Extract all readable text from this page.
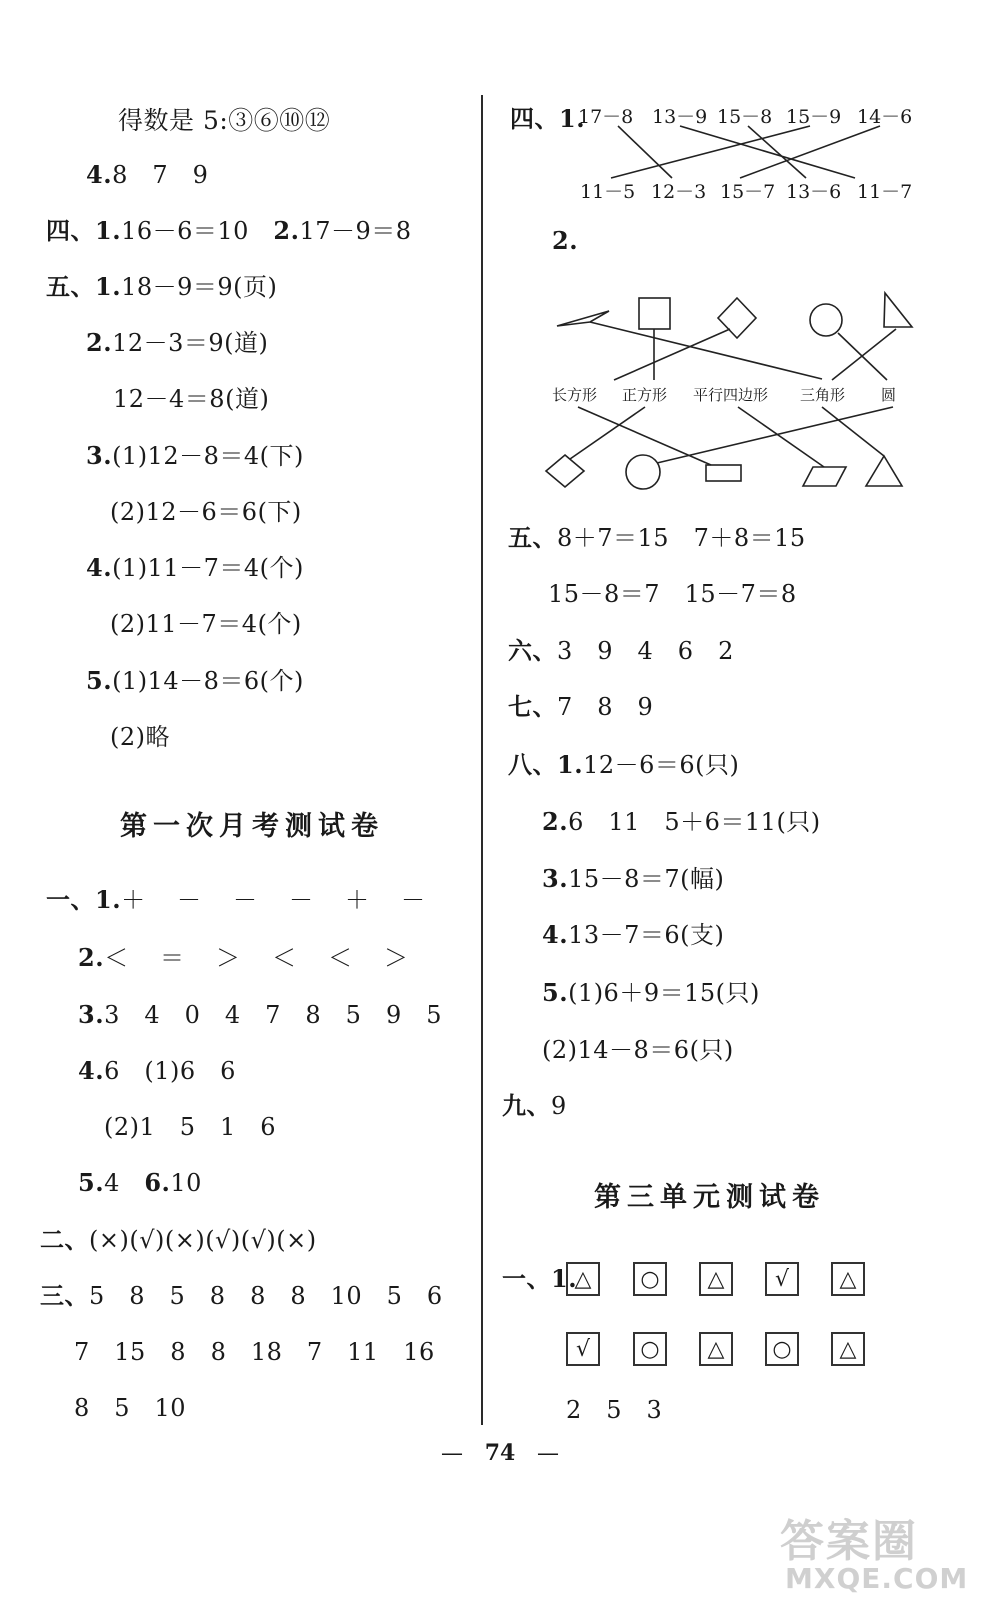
得数是 5:③⑥⑩⑫
4.8　7　9
四、1.16－6＝10　2.17－9＝8
五、1.18－9＝9(页)
2.12－3＝9(道)
12－4＝8(道)
3.(1)12－8＝4(下)
(2)12－6＝6(下)
4.(1)11－7＝4(个)
(2)11－7＝4(个)
5.(1)14－8＝6(个)
(2)略
第一次月考测试卷
一、1.＋　－　－　－　＋　－
2.＜　＝　＞　＜　＜　＞
3.3　4　0　4　7　8　5　9　5
4.6　(1)6　6
(2)1　5　1　6
5.4　6.10
二、(×)(√)(×)(√)(√)(×)
三、5　8　5　8　8　8　10　5　6
7　15　8　8　18　7　11　16
8　5　10
四、1.
17－8 13－9 15－8 15－9 14－6
11－5 12－3 15－7 13－6 11－7
2.
长方形 正方形 平行四边形 三角形 圆
五、8＋7＝15　7＋8＝15
15－8＝7　15－7＝8
六、3　9　4　6　2
七、7　8　9
八、1.12－6＝6(只)
2.6　11　5＋6＝11(只)
3.15－8＝7(幅)
4.13－7＝6(支)
5.(1)6＋9＝15(只)
(2)14－8＝6(只)
九、9
第三单元测试卷
一、1.
△	○	△	√	△
√	○	△	○	△
2　5　3
— 74 —
答案圈
MXQE.COM
